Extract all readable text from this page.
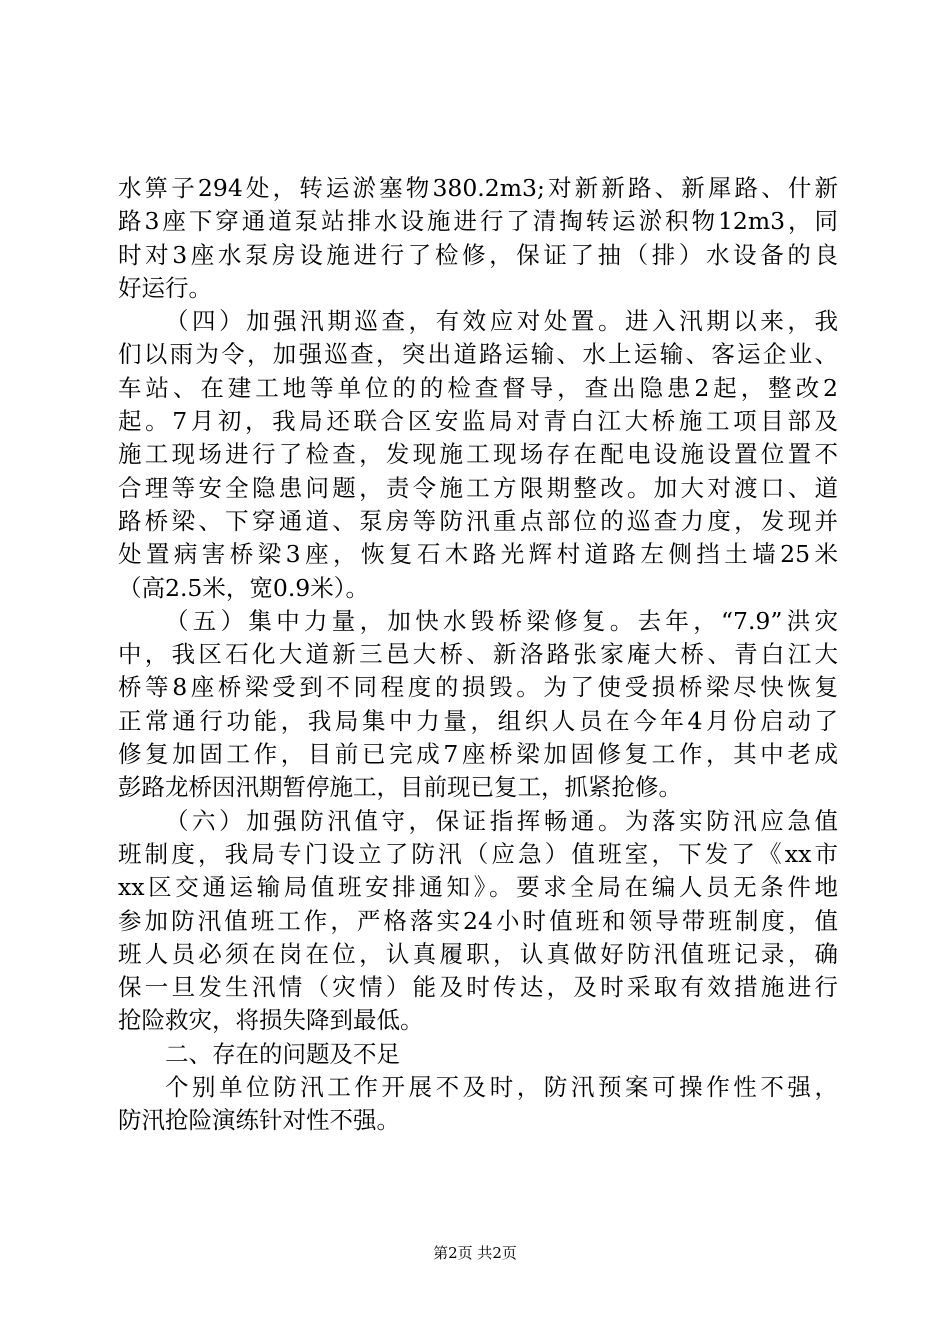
水箅子294处，转运淤塞物380.2m3;对新新路、新犀路、什新
路3座下穿通道泵站排水设施进行了清掏转运淤积物12m3，同
时对3座水泵房设施进行了检修，保证了抽（排）水设备的良
好运行。
（四）加强汛期巡查，有效应对处置。进入汛期以来，我
们以雨为令，加强巡查，突出道路运输、水上运输、客运企业、
车站、在建工地等单位的的检查督导，查出隐患2起，整改2
起。7月初，我局还联合区安监局对青白江大桥施工项目部及
施工现场进行了检查，发现施工现场存在配电设施设置位置不
合理等安全隐患问题，责令施工方限期整改。加大对渡口、道
路桥梁、下穿通道、泵房等防汛重点部位的巡查力度，发现并
处置病害桥梁3座，恢复石木路光辉村道路左侧挡土墙25米
（高2.5米，宽0.9米）。
（五）集中力量，加快水毁桥梁修复。去年，“7.9”洪灾
中，我区石化大道新三邑大桥、新洛路张家庵大桥、青白江大
桥等8座桥梁受到不同程度的损毁。为了使受损桥梁尽快恢复
正常通行功能，我局集中力量，组织人员在今年4月份启动了
修复加固工作，目前已完成7座桥梁加固修复工作，其中老成
彭路龙桥因汛期暂停施工，目前现已复工，抓紧抢修。
（六）加强防汛值守，保证指挥畅通。为落实防汛应急值
班制度，我局专门设立了防汛（应急）值班室，下发了《xx市
xx区交通运输局值班安排通知》。要求全局在编人员无条件地
参加防汛值班工作，严格落实24小时值班和领导带班制度，值
班人员必须在岗在位，认真履职，认真做好防汛值班记录，确
保一旦发生汛情（灾情）能及时传达，及时采取有效措施进行
抢险救灾，将损失降到最低。
二、存在的问题及不足
个别单位防汛工作开展不及时，防汛预案可操作性不强，
防汛抢险演练针对性不强。
第2页 共2页
